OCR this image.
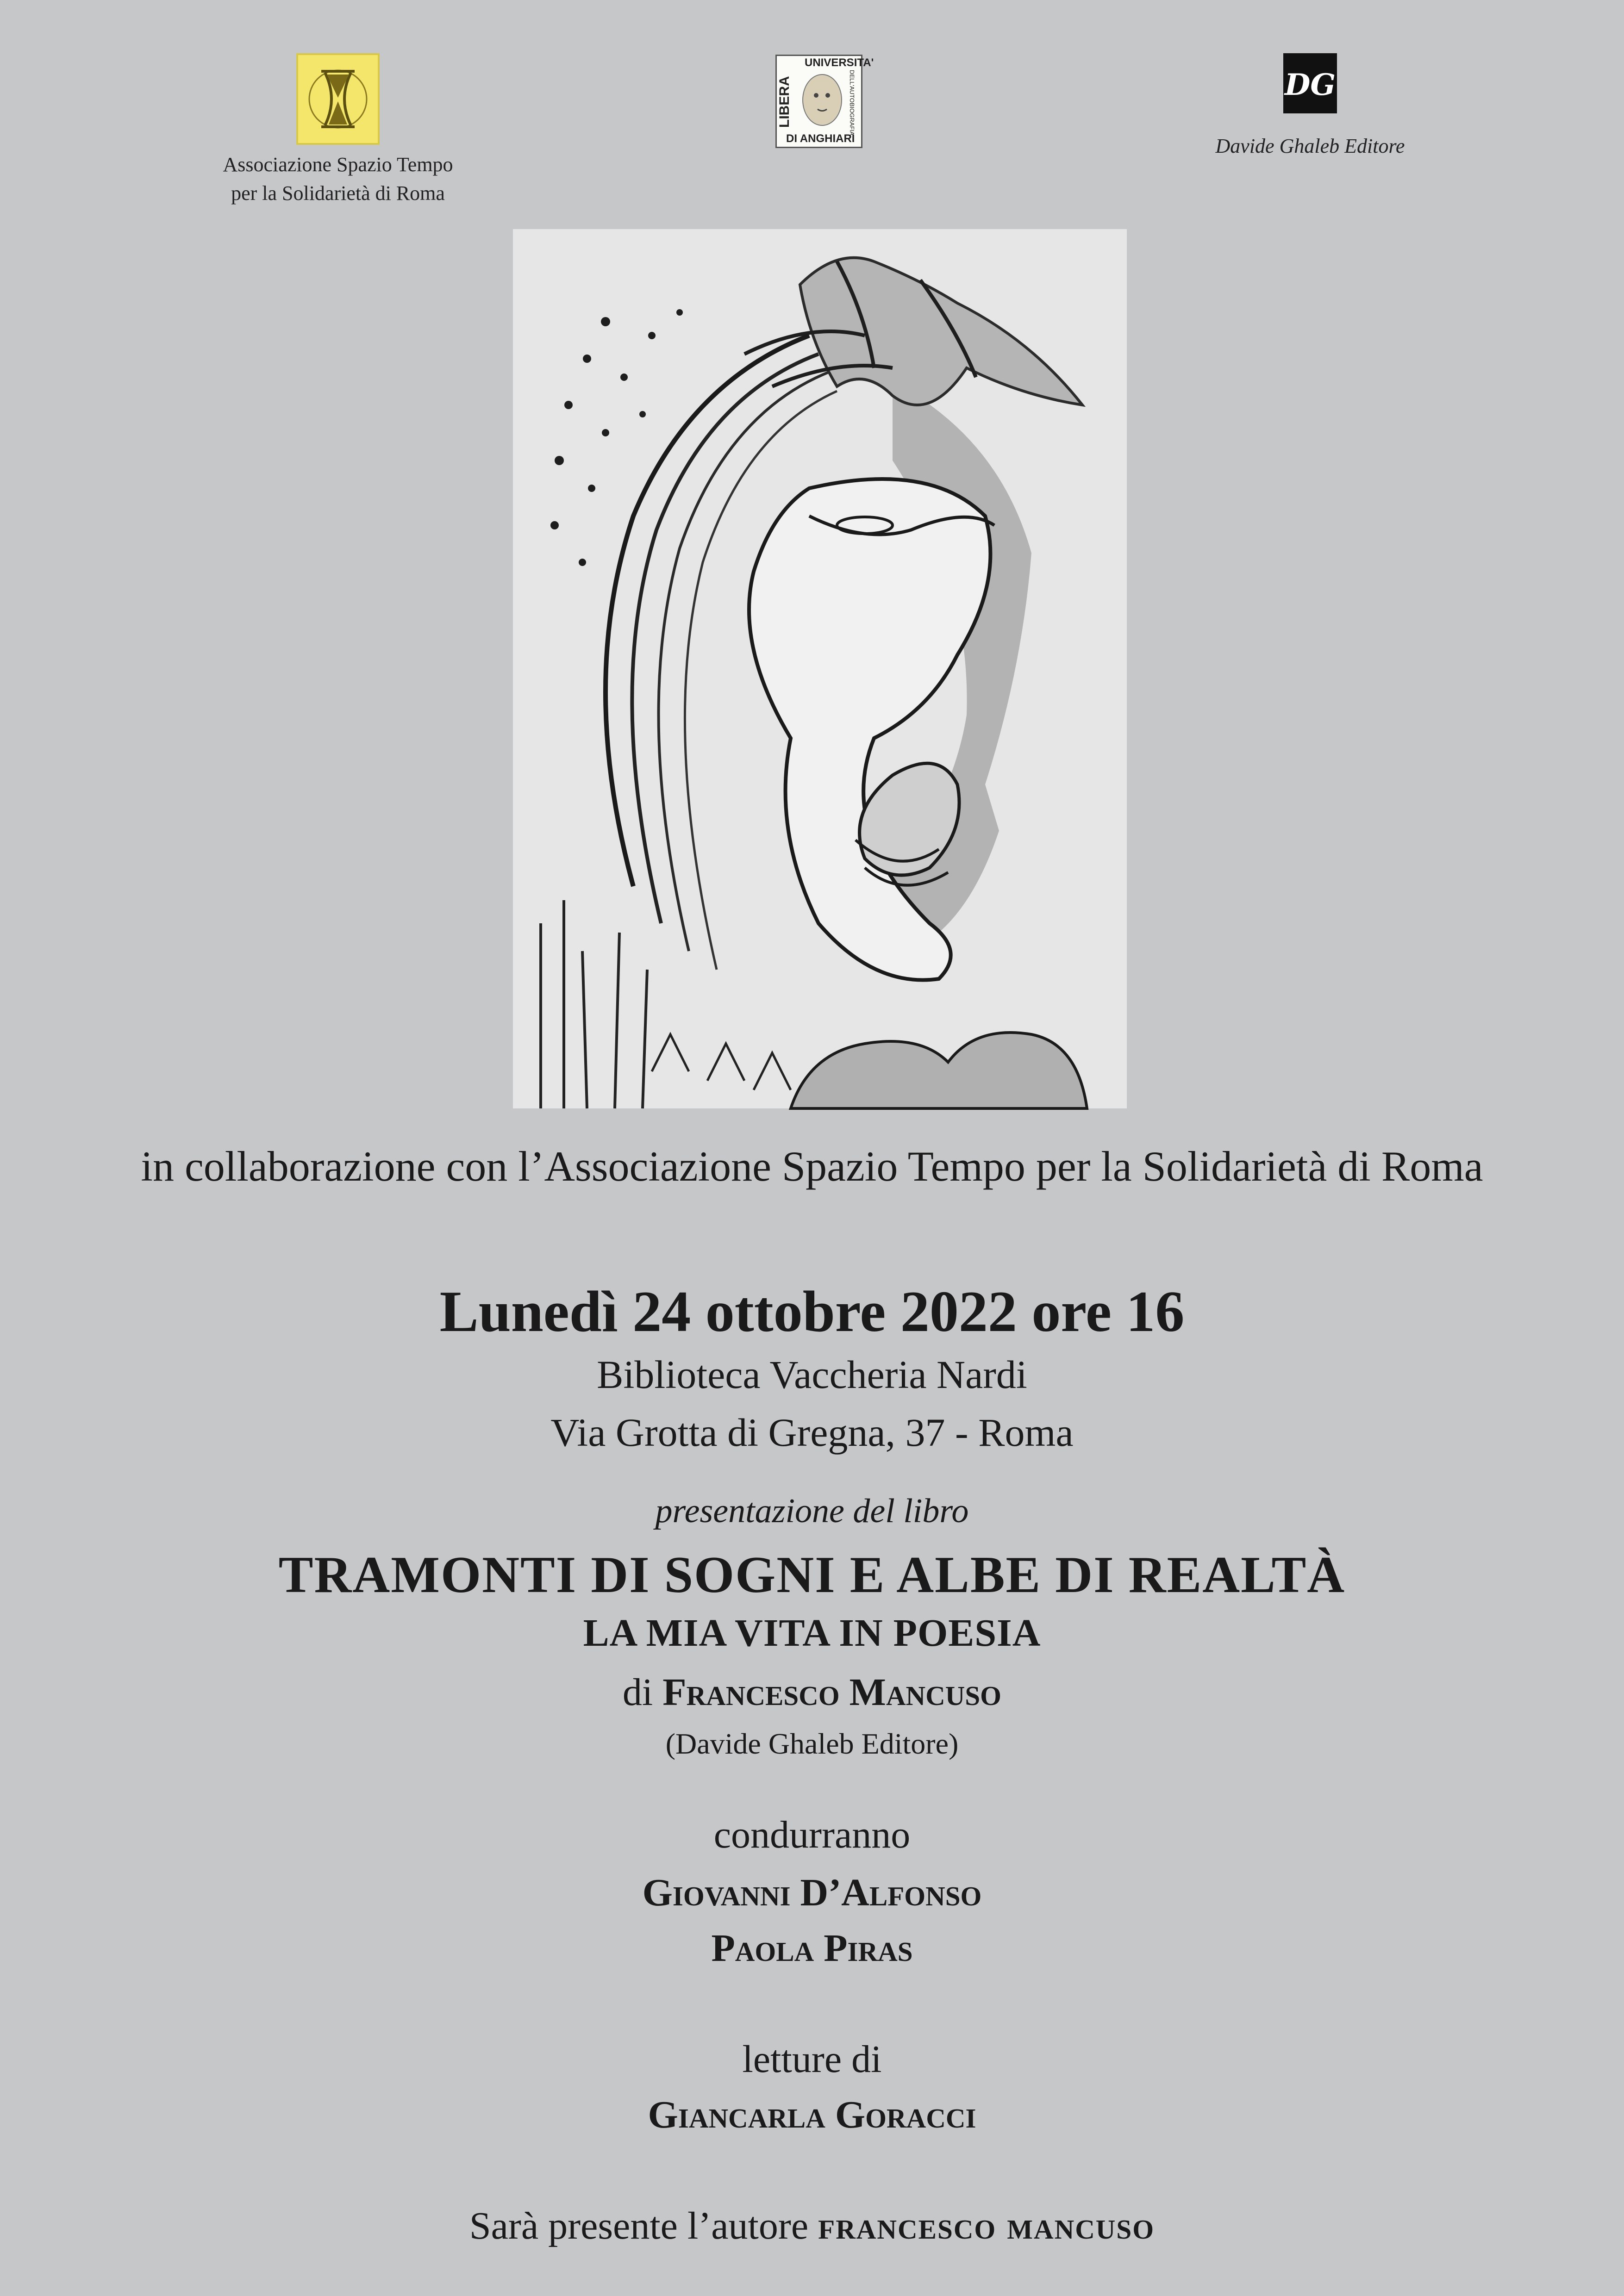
Associazione Spazio Tempo
per la Solidarietà di Roma
UNIVERSITA'
LIBERA	DELL'AUTOBIOGRAFIA
DI ANGHIARI
DG
Davide Ghaleb Editore
in collaborazione con l’Associazione Spazio Tempo per la Solidarietà di Roma
Lunedì 24 ottobre 2022 ore 16
Biblioteca Vaccheria Nardi
Via Grotta di Gregna, 37 - Roma
presentazione del libro
TRAMONTI DI SOGNI E ALBE DI REALTÀ
LA MIA VITA IN POESIA
di Francesco Mancuso
(Davide Ghaleb Editore)
condurranno
Giovanni D’Alfonso
Paola Piras
letture di
Giancarla Goracci
Sarà presente l’autore francesco mancuso
